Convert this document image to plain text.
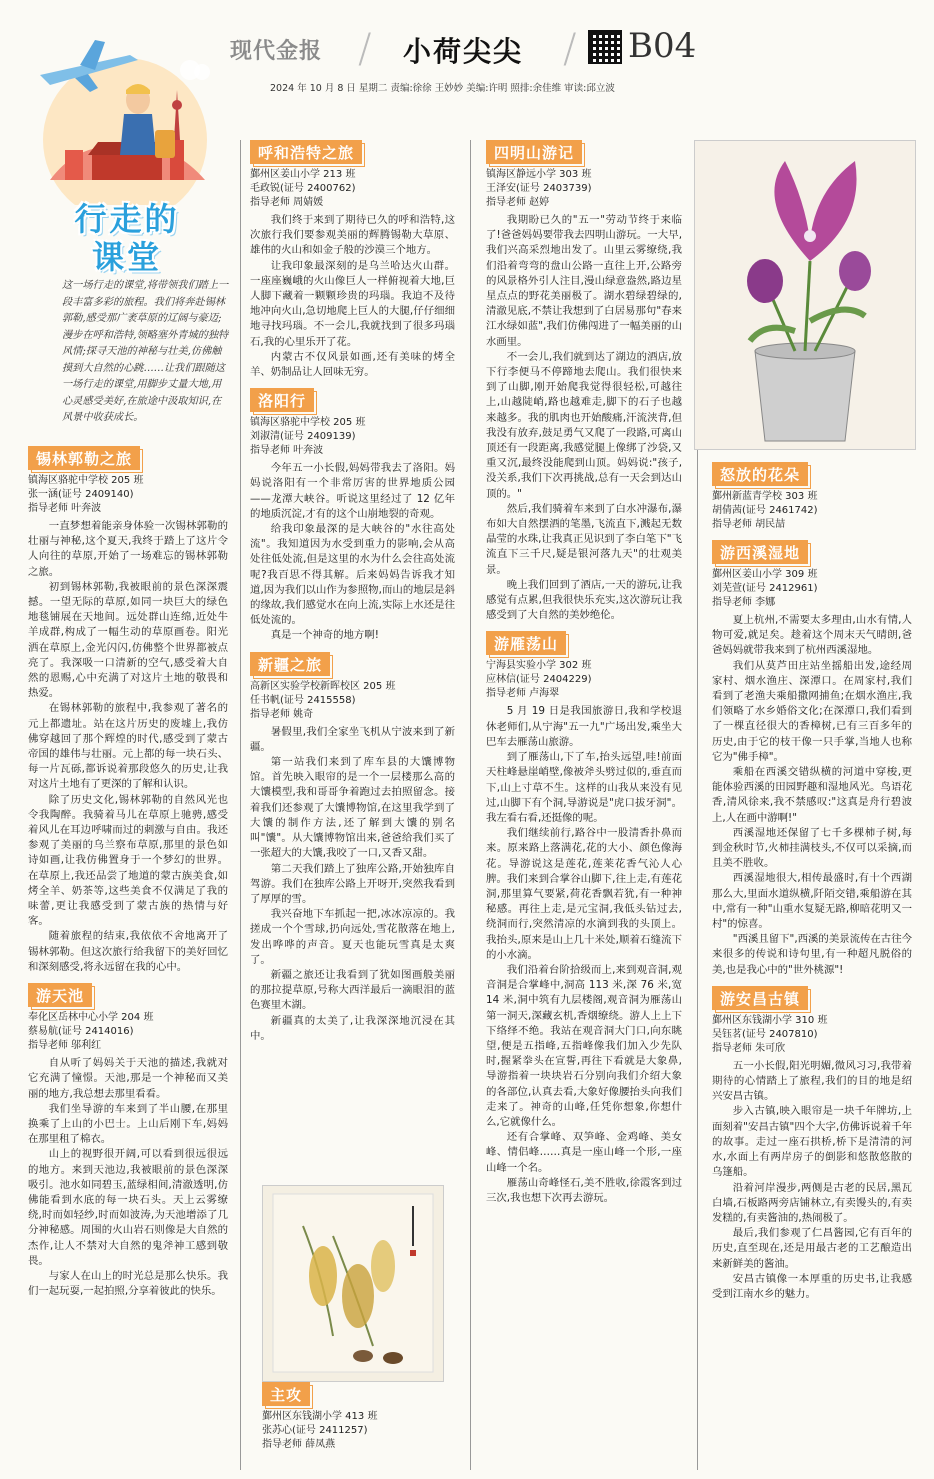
现代金报 / 小荷尖尖 / B04
2024 年 10 月 8 日 星期二 责编:徐徐 王妙妙 美编:许明 照排:余佳维 审读:邱立波
行走的
课堂
这一场行走的课堂,将带领我们踏上一段丰富多彩的旅程。我们将奔赴锡林郭勒,感受那广袤草原的辽阔与豪迈;漫步在呼和浩特,领略塞外青城的独特风情;探寻天池的神秘与壮美,仿佛触摸到大自然的心跳……让我们跟随这一场行走的课堂,用脚步丈量大地,用心灵感受美好,在旅途中汲取知识,在风景中收获成长。
锡林郭勒之旅
镇海区骆驼中学校 205 班
张一涵(证号 2409140)
指导老师 叶奔波

一直梦想着能亲身体验一次锡林郭勒的壮丽与神秘,这个夏天,我终于踏上了这片令人向往的草原,开始了一场难忘的锡林郭勒之旅。

初到锡林郭勒,我被眼前的景色深深震撼。一望无际的草原,如同一块巨大的绿色地毯铺展在天地间。远处群山连绵,近处牛羊成群,构成了一幅生动的草原画卷。阳光洒在草原上,金光闪闪,仿佛整个世界都被点亮了。我深吸一口清新的空气,感受着大自然的恩赐,心中充满了对这片土地的敬畏和热爱。

在锡林郭勒的旅程中,我参观了著名的元上都遗址。站在这片历史的废墟上,我仿佛穿越回了那个辉煌的时代,感受到了蒙古帝国的雄伟与壮丽。元上都的每一块石头、每一片瓦砾,都诉说着那段悠久的历史,让我对这片土地有了更深的了解和认识。

除了历史文化,锡林郭勒的自然风光也令我陶醉。我骑着马儿在草原上驰骋,感受着风儿在耳边呼啸而过的刺激与自由。我还参观了美丽的乌兰察布草原,那里的景色如诗如画,让我仿佛置身于一个梦幻的世界。在草原上,我还品尝了地道的蒙古族美食,如烤全羊、奶茶等,这些美食不仅满足了我的味蕾,更让我感受到了蒙古族的热情与好客。

随着旅程的结束,我依依不舍地离开了锡林郭勒。但这次旅行给我留下的美好回忆和深刻感受,将永远留在我的心中。

游天池
奉化区岳林中心小学 204 班
蔡易航(证号 2414016)
指导老师 邬利红

自从听了妈妈关于天池的描述,我就对它充满了憧憬。天池,那是一个神秘而又美丽的地方,我总想去那里看看。

我们坐导游的车来到了半山腰,在那里换乘了上山的小巴士。上山后刚下车,妈妈在那里租了棉衣。

山上的视野很开阔,可以看到很远很远的地方。来到天池边,我被眼前的景色深深吸引。池水如同碧玉,蓝绿相间,清澈透明,仿佛能看到水底的每一块石头。天上云雾缭绕,时而如轻纱,时而如波涛,为天池增添了几分神秘感。周围的火山岩石则像是大自然的杰作,让人不禁对大自然的鬼斧神工感到敬畏。

与家人在山上的时光总是那么快乐。我们一起玩耍,一起拍照,分享着彼此的快乐。

呼和浩特之旅
鄞州区姜山小学 213 班
毛政锐(证号 2400762)
指导老师 周婧媛

我们终于来到了期待已久的呼和浩特,这次旅行我们要参观美丽的辉腾锡勒大草原、雄伟的火山和如金子般的沙漠三个地方。

让我印象最深刻的是乌兰哈达火山群。一座座巍峨的火山像巨人一样俯视着大地,巨人脚下藏着一颗颗珍贵的玛瑙。我迫不及待地冲向火山,急切地爬上巨人的大腿,仔仔细细地寻找玛瑙。不一会儿,我就找到了很多玛瑙石,我的心里乐开了花。

内蒙古不仅风景如画,还有美味的烤全羊、奶制品让人回味无穷。

洛阳行
镇海区骆驼中学校 205 班
刘淑清(证号 2409139)
指导老师 叶奔波

今年五一小长假,妈妈带我去了洛阳。妈妈说洛阳有一个非常厉害的世界地质公园——龙潭大峡谷。听说这里经过了 12 亿年的地质沉淀,才有的这个山崩地裂的奇观。

给我印象最深的是大峡谷的"水往高处流"。我知道因为水受到重力的影响,会从高处往低处流,但是这里的水为什么会往高处流呢?我百思不得其解。后来妈妈告诉我才知道,因为我们以山作为参照物,而山的地层是斜的缘故,我们感觉水在向上流,实际上水还是往低处流的。

真是一个神奇的地方啊!

新疆之旅
高新区实验学校新晖校区 205 班
任书帆(证号 2415558)
指导老师 姚奇

暑假里,我们全家坐飞机从宁波来到了新疆。

第一站我们来到了库车县的大馕博物馆。首先映入眼帘的是一个一层楼那么高的大馕模型,我和哥哥争着跑过去拍照留念。接着我们还参观了大馕博物馆,在这里我学到了大馕的制作方法,还了解到大馕的别名叫"馕"。从大馕博物馆出来,爸爸给我们买了一张超大的大馕,我咬了一口,又香又甜。

第二天我们踏上了独库公路,开始独库自驾游。我们在独库公路上开呀开,突然我看到了厚厚的雪。

我兴奋地下车抓起一把,冰冰凉凉的。我搓成一个个雪球,扔向远处,雪花散落在地上,发出哗哗的声音。夏天也能玩雪真是太爽了。

新疆之旅还让我看到了犹如图画般美丽的那拉提草原,号称大西洋最后一滴眼泪的蓝色赛里木湖。

新疆真的太美了,让我深深地沉浸在其中。

主攻
鄞州区东钱湖小学 413 班
张苏心(证号 2411257)
指导老师 薛凤燕
四明山游记
镇海区静远小学 303 班
王泽安(证号 2403739)
指导老师 赵婷

我期盼已久的"五一"劳动节终于来临了!爸爸妈妈要带我去四明山游玩。一大早,我们兴高采烈地出发了。山里云雾缭绕,我们沿着弯弯的盘山公路一直往上开,公路旁的风景格外引人注目,漫山绿意盎然,路边星星点点的野花美丽极了。湖水碧绿碧绿的,清澈见底,不禁让我想到了白居易那句"春来江水绿如蓝",我们仿佛闯进了一幅美丽的山水画里。

不一会儿,我们就到达了湖边的酒店,放下行李便马不停蹄地去爬山。我们很快来到了山脚,刚开始爬我觉得很轻松,可越往上,山越陡峭,路也越难走,脚下的石子也越来越多。我的肌肉也开始酸痛,汗流浃背,但我没有放弃,鼓足勇气又爬了一段路,可离山顶还有一段距离,我感觉腿上像绑了沙袋,又重又沉,最终没能爬到山顶。妈妈说:"孩子,没关系,我们下次再挑战,总有一天会到达山顶的。"

然后,我们骑着车来到了白水冲瀑布,瀑布如大自然摆酒的笔墨,飞流直下,溅起无数晶莹的水珠,让我真正见识到了李白笔下"飞流直下三千尺,疑是银河落九天"的壮观美景。

晚上我们回到了酒店,一天的游玩,让我感觉有点累,但我很快乐充实,这次游玩让我感受到了大自然的美妙绝伦。

游雁荡山
宁海县实验小学 302 班
应林信(证号 2404229)
指导老师 卢海翠

5 月 19 日是我国旅游日,我和学校退休老师们,从宁海"五一九"广场出发,乘坐大巴车去雁荡山旅游。

到了雁荡山,下了车,抬头远望,哇!前面天柱峰悬崖峭壁,像被斧头劈过似的,垂直而下,山上寸草不生。这样的山我从来没有见过,山脚下有个洞,导游说是"虎口拔牙洞"。我左看右看,还挺像的呢。

我们继续前行,路谷中一股清香扑鼻而来。原来路上落满花,花的大小、颜色像海花。导游说这是莲花,莲莱花香气沁人心脾。我们来到合掌谷山脚下,往上走,有莲花洞,那里算气要紧,荷花香飘若犹,有一种神秘感。再往上走,是元宝洞,我低头钻过去,绕洞而行,突然清凉的水滴到我的头顶上。我抬头,原来是山上几十米处,顺着石缝流下的小水滴。

我们沿着台阶拾级而上,来到观音洞,观音洞是合掌峰中,洞高 113 米,深 76 米,宽 14 米,洞中筑有九层楼阁,观音洞为雁荡山第一洞天,深藏玄机,香烟缭绕。游人上上下下络绎不绝。我站在观音洞大门口,向东眺望,便是五指峰,五指峰像我们加入少先队时,握紧拳头在宣誓,再往下看就是大象鼻,导游指着一块块岩石分别向我们介绍大象的各部位,认真去看,大象好像腰抬头向我们走来了。神奇的山峰,任凭你想象,你想什么,它就像什么。

还有合掌峰、双笋峰、金鸡峰、美女峰、情侣峰……真是一座山峰一个形,一座山峰一个名。

雁荡山奇峰怪石,美不胜收,徐霞客到过三次,我也想下次再去游玩。

怒放的花朵
鄞州新蓝青学校 303 班
胡倩茜(证号 2461742)
指导老师 胡民喆
游西溪湿地
鄞州区姜山小学 309 班
刘芜萱(证号 2412961)
指导老师 李娜

夏上杭州,不需要太多理由,山水有情,人物可爱,就足矣。趁着这个周末天气晴朗,爸爸妈妈就带我来到了杭州西溪湿地。

我们从莫芦田庄站坐摇船出发,途经周家村、烟水渔庄、深潭口。在周家村,我们看到了老渔夫乘船撒网捕鱼;在烟水渔庄,我们领略了水乡婚俗文化;在深潭口,我们看到了一棵直径很大的香樟树,已有三百多年的历史,由于它的枝干像一只手掌,当地人也称它为"佛手樟"。

乘船在西溪交错纵横的河道中穿梭,更能体验西溪的田园野趣和湿地风光。鸟语花香,清风徐来,我不禁感叹:"这真是舟行碧波上,人在画中游啊!"

西溪湿地还保留了七千多棵柿子树,每到金秋时节,火柿挂满枝头,不仅可以采摘,而且美不胜收。

西溪湿地很大,相传最盛时,有十个西湖那么大,里面水道纵横,阡陌交错,乘船游在其中,常有一种"山重水复疑无路,柳暗花明又一村"的惊喜。

"西溪且留下",西溪的美景流传在古往今来很多的传说和诗句里,有一种超凡脱俗的美,也是我心中的"世外桃源"!

游安昌古镇
鄞州区东钱湖小学 310 班
吴钰茗(证号 2407810)
指导老师 朱可欣

五一小长假,阳光明媚,微风习习,我带着期待的心情踏上了旅程,我们的目的地是绍兴安昌古镇。

步入古镇,映入眼帘是一块千年牌坊,上面刻着"安昌古镇"四个大字,仿佛诉说着千年的故事。走过一座石拱桥,桥下是清清的河水,水面上有两岸房子的倒影和悠散悠散的乌篷船。

沿着河岸漫步,两侧是古老的民居,黑瓦白墙,石板路两旁店铺林立,有卖馒头的,有卖发糕的,有卖酱油的,热闹极了。

最后,我们参观了仁昌酱园,它有百年的历史,直至现在,还是用最古老的工艺酿造出来新鲜美的酱油。

安昌古镇像一本厚重的历史书,让我感受到江南水乡的魅力。
